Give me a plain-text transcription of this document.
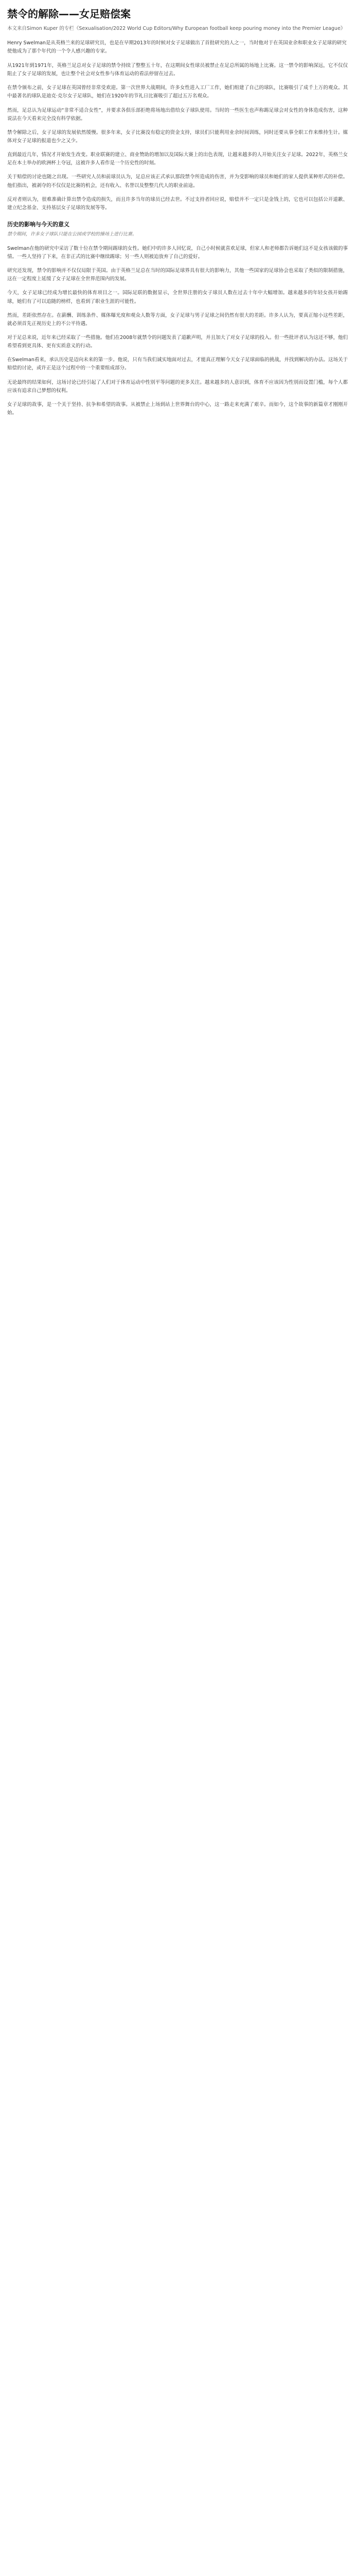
禁令的解除——女足赔偿案

本文来自Simon Kuper 的专栏《Sexualisation/2022 World Cup Editors/Why European football keep pouring money into the Premier League》

Henry Swelman是从英格兰来的足球研究员，也是在早期2013年的时候对女子足球做出了首批研究的人之一，当时他对于在英国业余和职业女子足球的研究使他成为了那个年代的一个令人感兴趣的专家。

从1921年到1971年，英格兰足总对女子足球的禁令持续了整整五十年，在这期间女性球员被禁止在足总所属的场地上比赛。这一禁令的影响深远，它不仅仅阻止了女子足球的发展，也让整个社会对女性参与体育运动的看法停留在过去。

在禁令颁布之前，女子足球在英国曾经非常受欢迎。第一次世界大战期间，许多女性进入工厂工作，她们组建了自己的球队，比赛吸引了成千上万的观众。其中最著名的球队是迪克·克尔女子足球队，她们在1920年的节礼日比赛吸引了超过五万名观众。

然而，足总认为足球运动“非常不适合女性”，并要求各俱乐部拒绝将场地出借给女子球队使用。当时的一些医生也声称踢足球会对女性的身体造成伤害，这种说法在今天看来完全没有科学依据。

禁令解除之后，女子足球的发展依然缓慢。很多年来，女子比赛没有稳定的资金支持，球员们只能利用业余时间训练，同时还要从事全职工作来维持生计。媒体对女子足球的报道也少之又少。

直到最近几年，情况才开始发生改变。职业联赛的建立、商业赞助的增加以及国际大赛上的出色表现，让越来越多的人开始关注女子足球。2022年，英格兰女足在本土举办的欧洲杯上夺冠，这被许多人看作是一个历史性的时刻。

关于赔偿的讨论也随之出现。一些研究人员和前球员认为，足总应该正式承认那段禁令所造成的伤害，并为受影响的球员和她们的家人提供某种形式的补偿。他们指出，被剥夺的不仅仅是比赛的机会，还有收入、名誉以及整整几代人的职业前途。

反对者则认为，很难准确计算出禁令造成的损失，而且许多当年的球员已经去世。不过支持者回应说，赔偿并不一定只是金钱上的，它也可以包括公开道歉、建立纪念基金、支持基层女子足球的发展等等。

历史的影响与今天的意义

禁令期间，许多女子球队只能在公园或学校的操场上进行比赛。

Swelman在他的研究中采访了数十位在禁令期间踢球的女性。她们中的许多人回忆说，自己小时候就喜欢足球，但家人和老师都告诉她们这不是女孩该做的事情。一些人坚持了下来，在非正式的比赛中继续踢球；另一些人则被迫放弃了自己的爱好。

研究还发现，禁令的影响并不仅仅局限于英国。由于英格兰足总在当时的国际足球界具有很大的影响力，其他一些国家的足球协会也采取了类似的限制措施，这在一定程度上延缓了女子足球在全世界范围内的发展。

今天，女子足球已经成为增长最快的体育项目之一。国际足联的数据显示，全世界注册的女子球员人数在过去十年中大幅增加。越来越多的年轻女孩开始踢球，她们有了可以追随的榜样，也看到了职业生涯的可能性。

然而，差距依然存在。在薪酬、训练条件、媒体曝光度和观众人数等方面，女子足球与男子足球之间仍然有很大的差距。许多人认为，要真正缩小这些差距，就必须首先正视历史上的不公平待遇。

对于足总来说，近年来已经采取了一些措施。他们在2008年就禁令的问题发表了道歉声明，并且加大了对女子足球的投入。但一些批评者认为这还不够，他们希望看到更具体、更有实质意义的行动。

在Swelman看来，承认历史是迈向未来的第一步。他说，只有当我们诚实地面对过去，才能真正理解今天女子足球面临的挑战，并找到解决的办法。这场关于赔偿的讨论，或许正是这个过程中的一个重要组成部分。

无论最终的结果如何，这场讨论已经引起了人们对于体育运动中性别平等问题的更多关注。越来越多的人意识到，体育不应该因为性别而设置门槛，每个人都应该有追求自己梦想的权利。

女子足球的故事，是一个关于坚持、抗争和希望的故事。从被禁止上场到站上世界舞台的中心，这一路走来充满了艰辛。而如今，这个故事的新篇章才刚刚开始。
